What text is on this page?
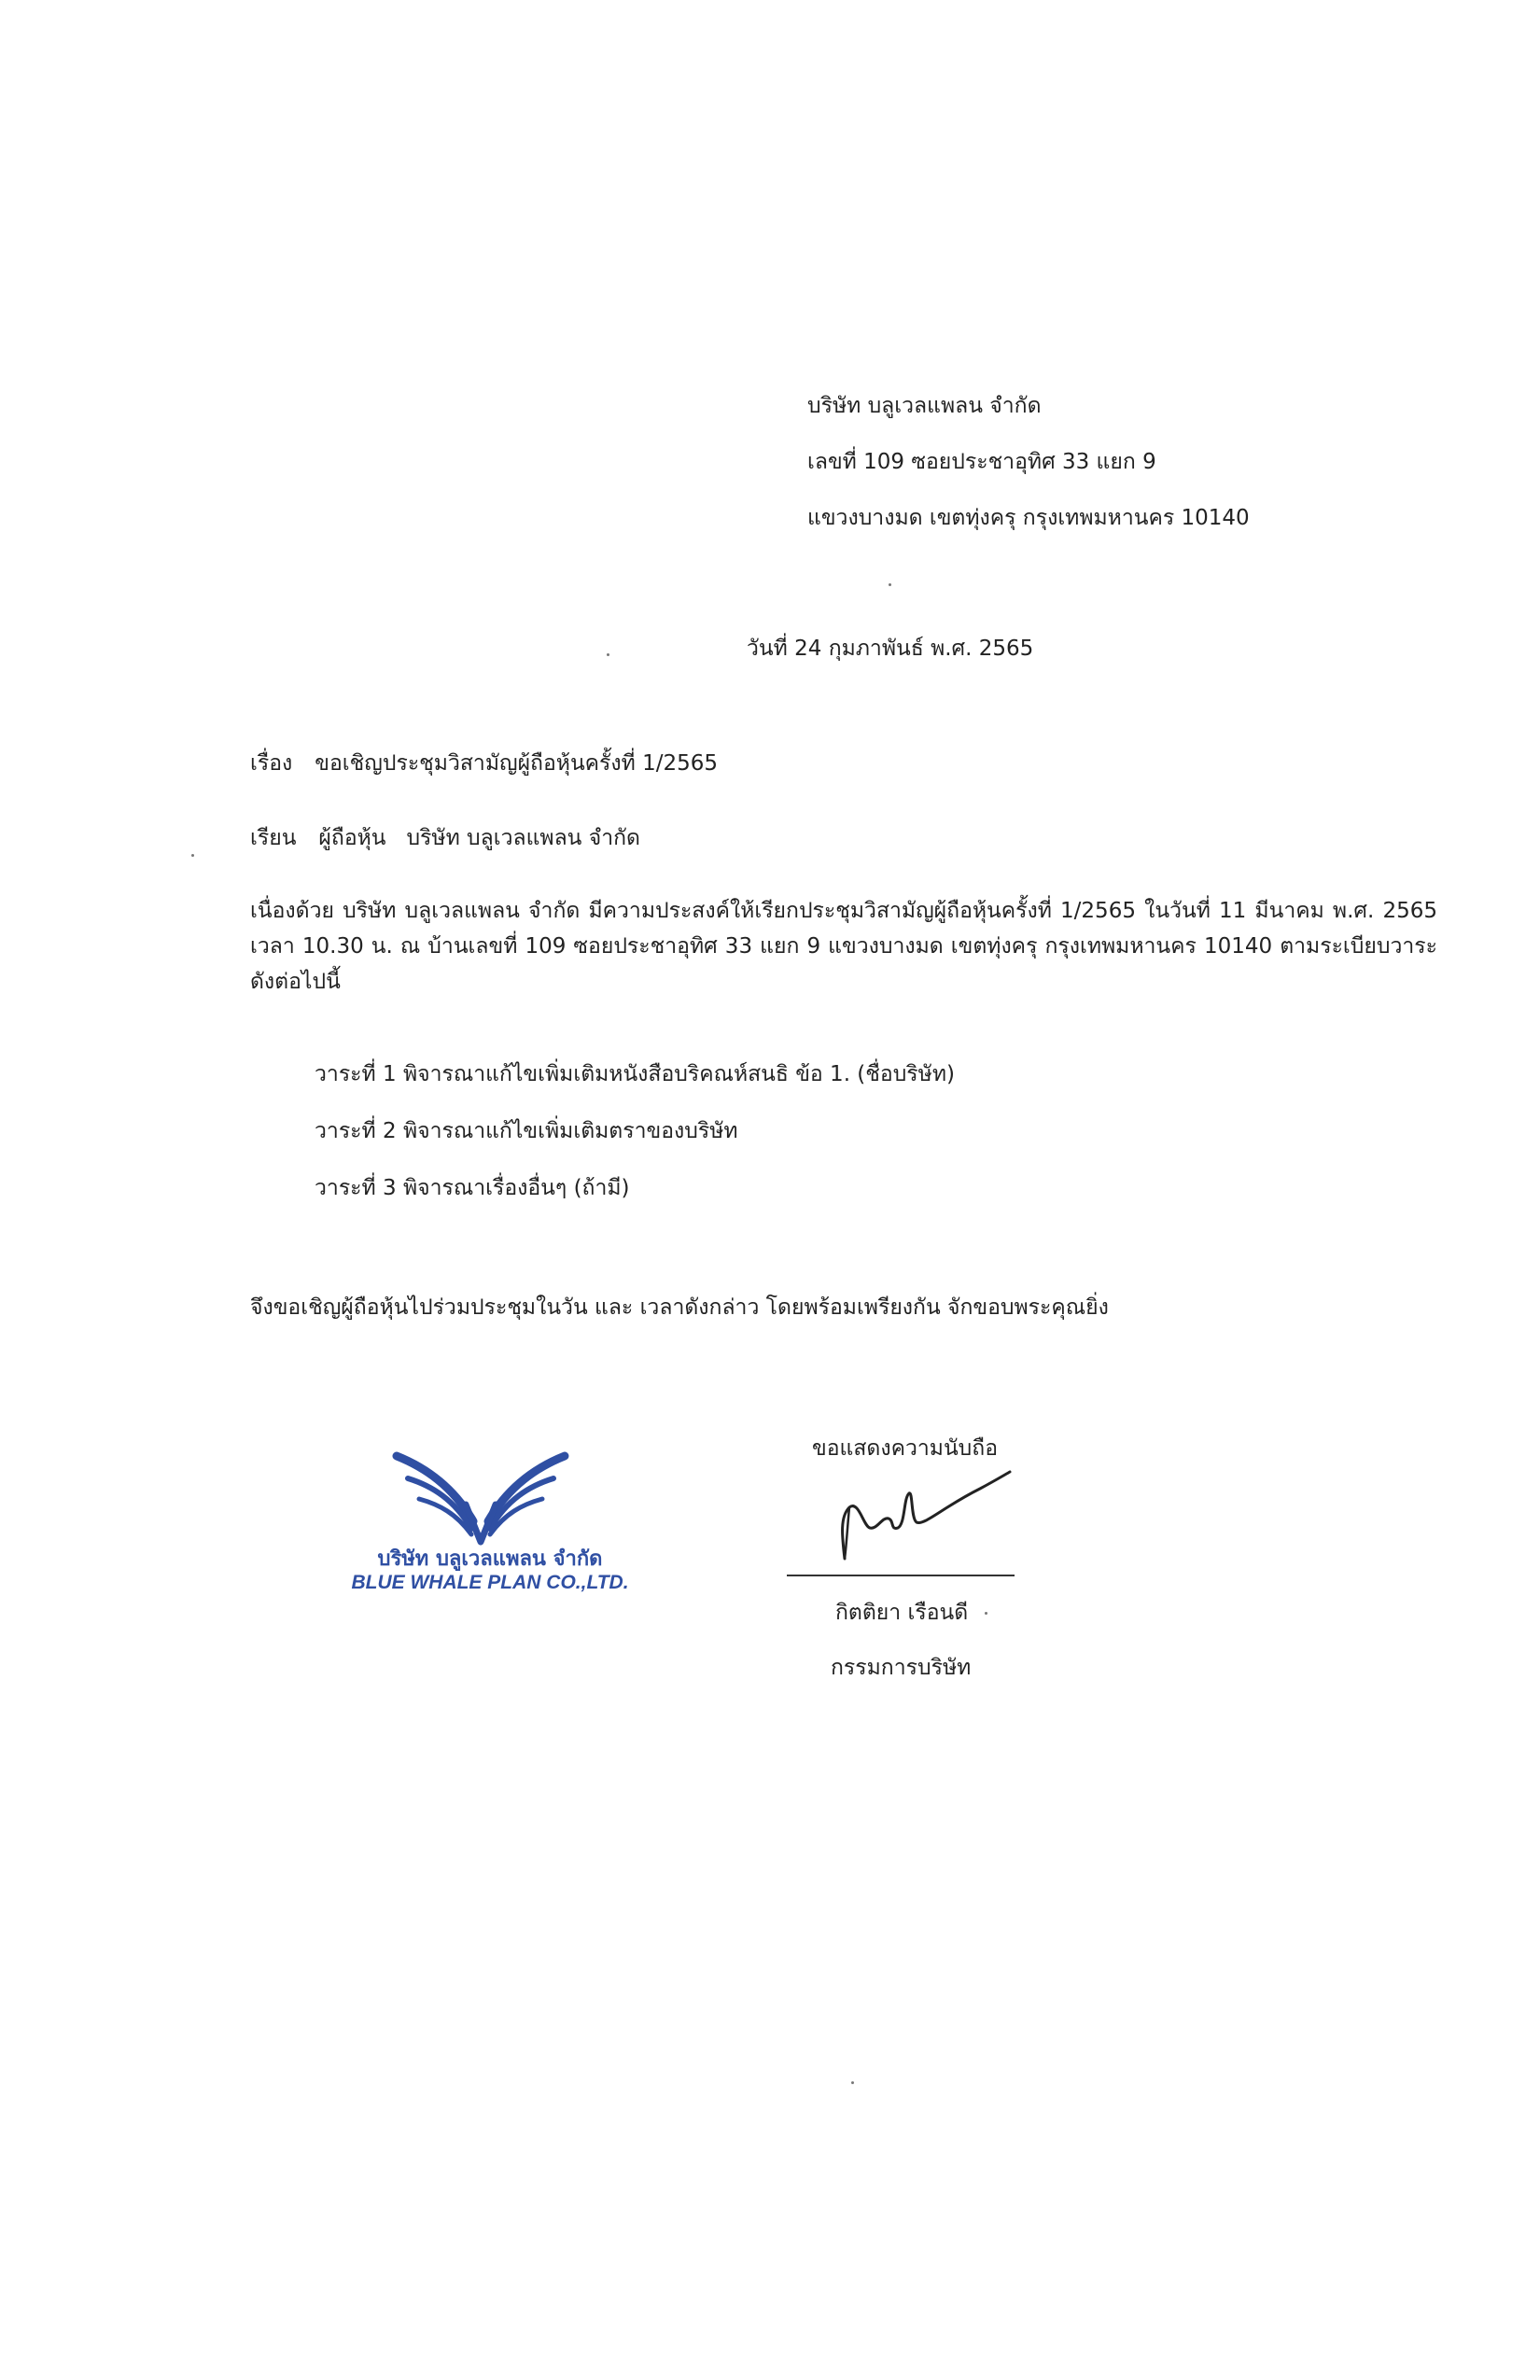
บริษัท บลูเวลแพลน จำกัด
เลขที่ 109 ซอยประชาอุทิศ 33 แยก 9
แขวงบางมด เขตทุ่งครุ กรุงเทพมหานคร 10140
วันที่ 24 กุมภาพันธ์ พ.ศ. 2565
เรื่อง ขอเชิญประชุมวิสามัญผู้ถือหุ้นครั้งที่ 1/2565
เรียน ผู้ถือหุ้น   บริษัท บลูเวลแพลน จำกัด
เนื่องด้วย บริษัท บลูเวลแพลน จำกัด มีความประสงค์ให้เรียกประชุมวิสามัญผู้ถือหุ้นครั้งที่ 1/2565 ในวันที่ 11 มีนาคม พ.ศ. 2565 เวลา 10.30 น. ณ บ้านเลขที่ 109 ซอยประชาอุทิศ 33 แยก 9 แขวงบางมด เขตทุ่งครุ กรุงเทพมหานคร 10140 ตามระเบียบวาระดังต่อไปนี้
วาระที่ 1 พิจารณาแก้ไขเพิ่มเติมหนังสือบริคณห์สนธิ ข้อ 1. (ชื่อบริษัท)
วาระที่ 2 พิจารณาแก้ไขเพิ่มเติมตราของบริษัท
วาระที่ 3 พิจารณาเรื่องอื่นๆ (ถ้ามี)
จึงขอเชิญผู้ถือหุ้นไปร่วมประชุมในวัน และ เวลาดังกล่าว โดยพร้อมเพรียงกัน จักขอบพระคุณยิ่ง
บริษัท บลูเวลแพลน จำกัด
BLUE WHALE PLAN CO.,LTD.
ขอแสดงความนับถือ
กิตติยา เรือนดี
กรรมการบริษัท
